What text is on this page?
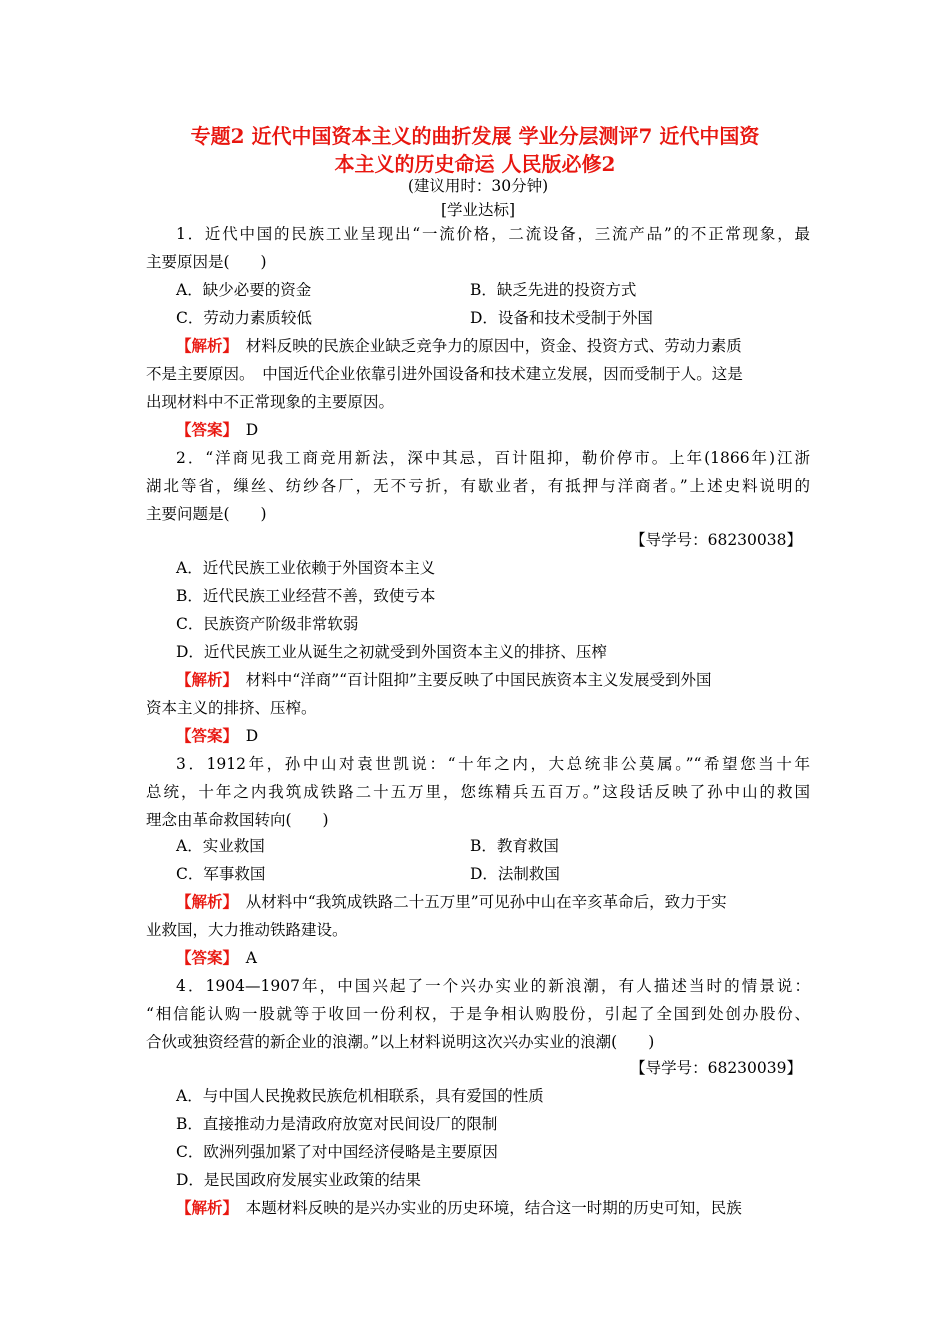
专题2 近代中国资本主义的曲折发展 学业分层测评7 近代中国资
本主义的历史命运 人民版必修2
(建议用时：30分钟)
[学业达标]
1．近代中国的民族工业呈现出“一流价格，二流设备，三流产品”的不正常现象，最
主要原因是(　　)
A．缺少必要的资金	B．缺乏先进的投资方式
C．劳动力素质较低	D．设备和技术受制于外国
【解析】　 材料反映的民族企业缺乏竞争力的原因中，资金、投资方式、劳动力素质
不是主要原因。　中国近代企业依靠引进外国设备和技术建立发展，因而受制于人。这是
出现材料中不正常现象的主要原因。
【答案】　 D
2．“洋商见我工商竞用新法，深中其忌，百计阻抑，勒价停市。上年(1866年)江浙
湖北等省，缫丝、纺纱各厂，无不亏折，有歇业者，有抵押与洋商者。”上述史料说明的
主要问题是(　　)
【导学号：68230038】
A．近代民族工业依赖于外国资本主义
B．近代民族工业经营不善，致使亏本
C．民族资产阶级非常软弱
D．近代民族工业从诞生之初就受到外国资本主义的排挤、压榨
【解析】　 材料中“洋商”“百计阻抑”主要反映了中国民族资本主义发展受到外国
资本主义的排挤、压榨。
【答案】　 D
3．1912年，孙中山对袁世凯说：“十年之内，大总统非公莫属。”“希望您当十年
总统，十年之内我筑成铁路二十五万里，您练精兵五百万。”这段话反映了孙中山的救国
理念由革命救国转向(　　)
A．实业救国	B．教育救国
C．军事救国	D．法制救国
【解析】　 从材料中“我筑成铁路二十五万里”可见孙中山在辛亥革命后，致力于实
业救国，大力推动铁路建设。
【答案】　 A
4．1904—1907年，中国兴起了一个兴办实业的新浪潮，有人描述当时的情景说：
“相信能认购一股就等于收回一份利权，于是争相认购股份，引起了全国到处创办股份、
合伙或独资经营的新企业的浪潮。”以上材料说明这次兴办实业的浪潮(　　)
【导学号：68230039】
A．与中国人民挽救民族危机相联系，具有爱国的性质
B．直接推动力是清政府放宽对民间设厂的限制
C．欧洲列强加紧了对中国经济侵略是主要原因
D．是民国政府发展实业政策的结果
【解析】　 本题材料反映的是兴办实业的历史环境，结合这一时期的历史可知，民族
